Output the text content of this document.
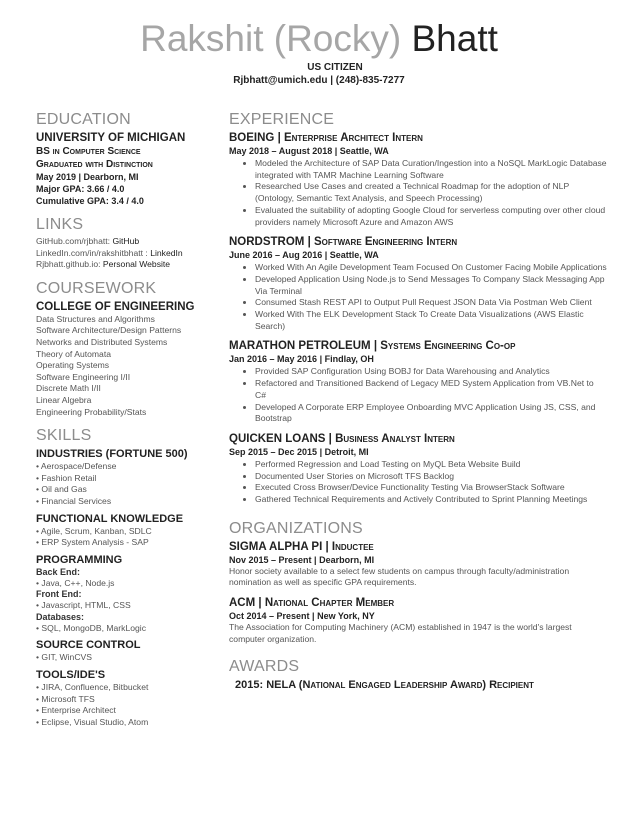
Rakshit (Rocky) Bhatt
US CITIZEN
Rjbhatt@umich.edu | (248)-835-7277
EDUCATION
UNIVERSITY OF MICHIGAN
BS in Computer Science
Graduated with Distinction
May 2019 | Dearborn, MI
Major GPA: 3.66 / 4.0
Cumulative GPA: 3.4 / 4.0
LINKS
GitHub.com/rjbhatt: GitHub
LinkedIn.com/in/rakshitbhatt : LinkedIn
Rjbhatt.github.io: Personal Website
COURSEWORK
COLLEGE OF ENGINEERING
Data Structures and Algorithms
Software Architecture/Design Patterns
Networks and Distributed Systems
Theory of Automata
Operating Systems
Software Engineering I/II
Discrete Math I/II
Linear Algebra
Engineering Probability/Stats
SKILLS
INDUSTRIES (FORTUNE 500)
• Aerospace/Defense
• Fashion Retail
• Oil and Gas
• Financial Services
FUNCTIONAL KNOWLEDGE
• Agile, Scrum, Kanban, SDLC
• ERP System Analysis - SAP
PROGRAMMING
Back End:
• Java, C++, Node.js
Front End:
• Javascript, HTML, CSS
Databases:
• SQL, MongoDB, MarkLogic
SOURCE CONTROL
• GIT, WinCVS
TOOLS/IDE'S
• JIRA, Confluence, Bitbucket
• Microsoft TFS
• Enterprise Architect
• Eclipse, Visual Studio, Atom
EXPERIENCE
BOEING | Enterprise Architect Intern
May 2018 – August 2018 | Seattle, WA
• Modeled the Architecture of SAP Data Curation/Ingestion into a NoSQL MarkLogic Database integrated with TAMR Machine Learning Software
• Researched Use Cases and created a Technical Roadmap for the adoption of NLP (Ontology, Semantic Text Analysis, and Speech Processing)
• Evaluated the suitability of adopting Google Cloud for serverless computing over other cloud providers namely Microsoft Azure and Amazon AWS
NORDSTROM | Software Engineering Intern
June 2016 – Aug 2016 | Seattle, WA
• Worked With An Agile Development Team Focused On Customer Facing Mobile Applications
• Developed Application Using Node.js to Send Messages To Company Slack Messaging App Via Terminal
• Consumed Stash REST API to Output Pull Request JSON Data Via Postman Web Client
• Worked With The ELK Development Stack To Create Data Visualizations (AWS Elastic Search)
MARATHON PETROLEUM | Systems Engineering Co-op
Jan 2016 – May 2016 | Findlay, OH
• Provided SAP Configuration Using BOBJ for Data Warehousing and Analytics
• Refactored and Transitioned Backend of Legacy MED System Application from VB.Net to C#
• Developed A Corporate ERP Employee Onboarding MVC Application Using JS, CSS, and Bootstrap
QUICKEN LOANS | Business Analyst Intern
Sep 2015 – Dec 2015 | Detroit, MI
• Performed Regression and Load Testing on MyQL Beta Website Build
• Documented User Stories on Microsoft TFS Backlog
• Executed Cross Browser/Device Functionality Testing Via BrowserStack Software
• Gathered Technical Requirements and Actively Contributed to Sprint Planning Meetings
ORGANIZATIONS
SIGMA ALPHA PI | Inductee
Nov 2015 – Present | Dearborn, MI
Honor society available to a select few students on campus through faculty/administration nomination as well as specific GPA requirements.
ACM | National Chapter Member
Oct 2014 – Present | New York, NY
The Association for Computing Machinery (ACM) established in 1947 is the world's largest computer organization.
AWARDS
2015: NELA (National Engaged Leadership Award) Recipient
